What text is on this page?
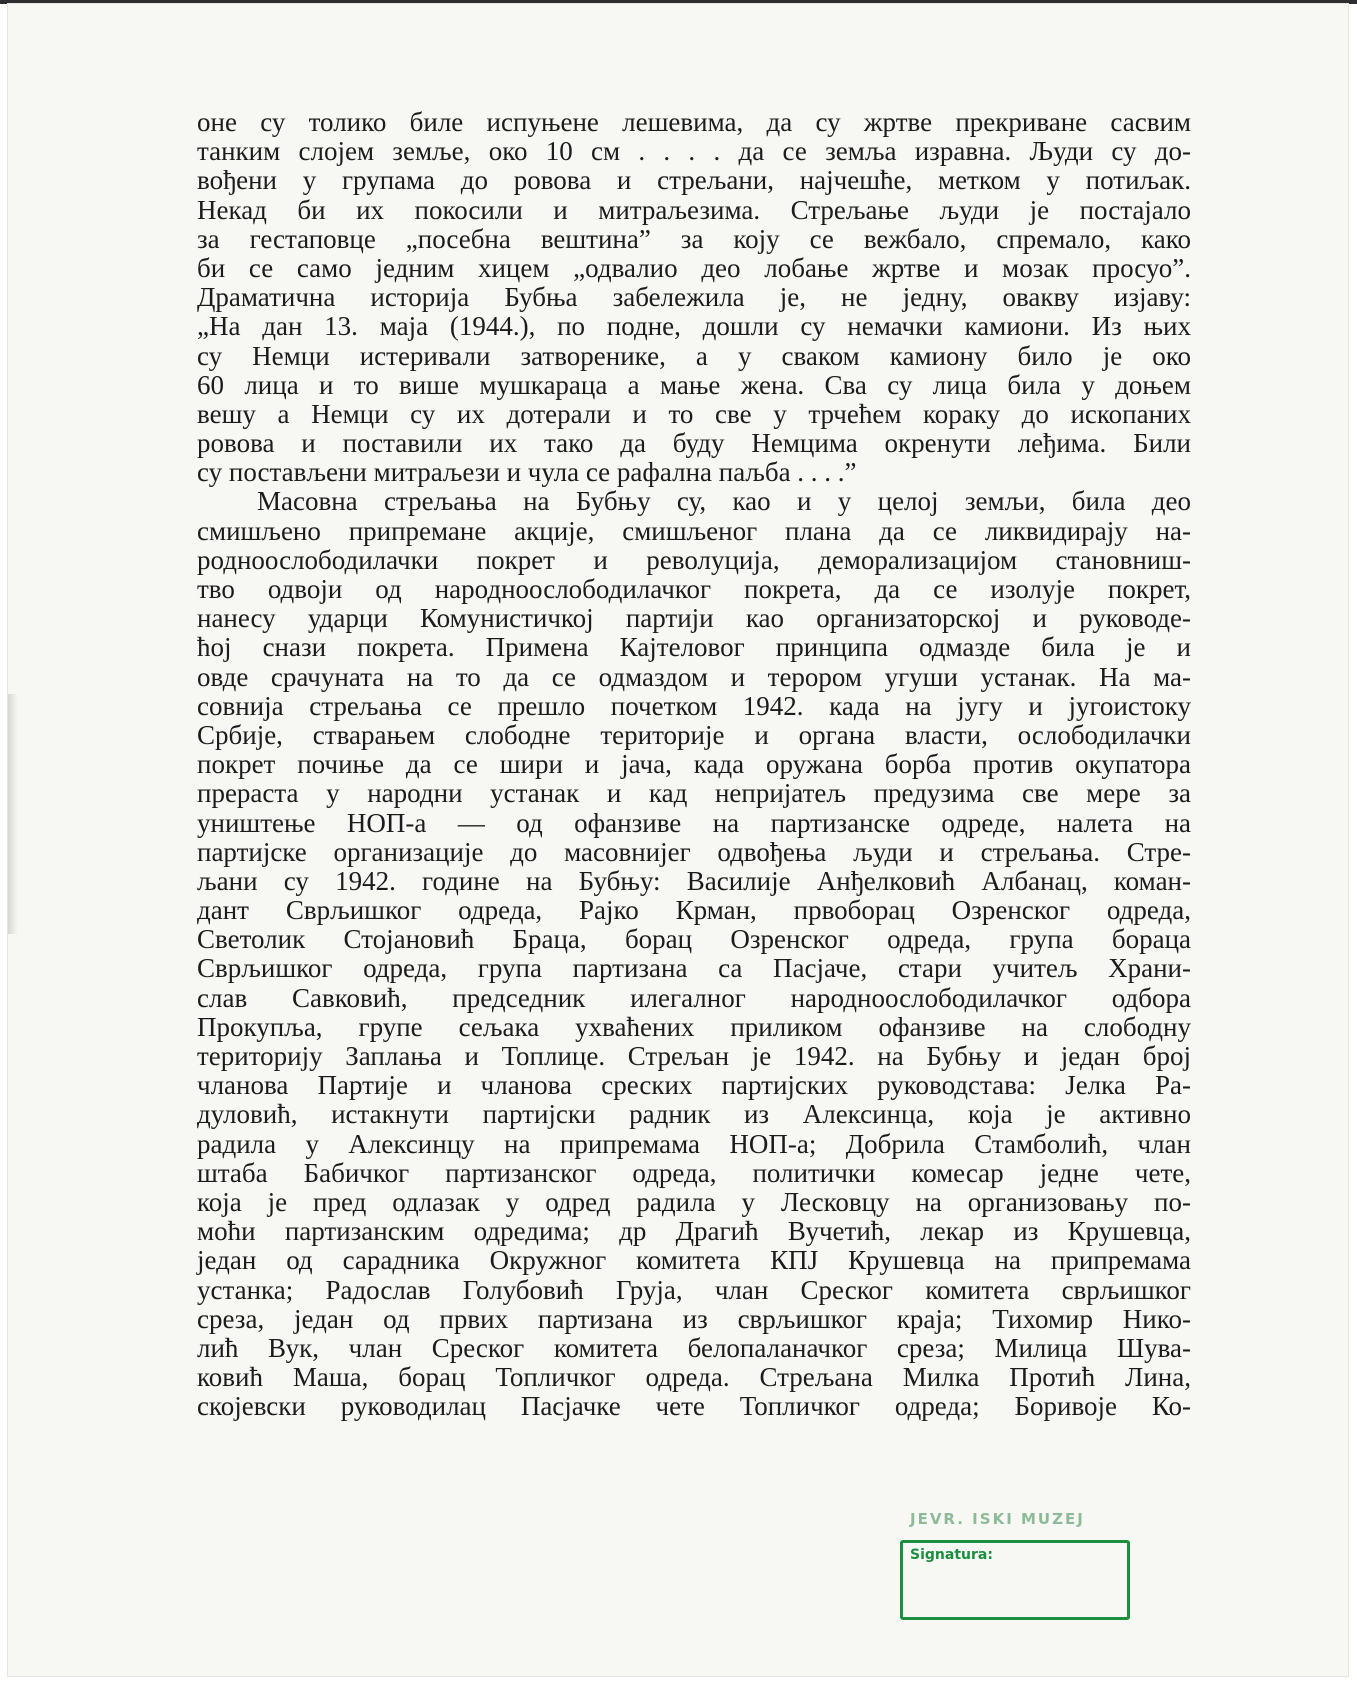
оне су толико биле испуњене лешевима, да су жртве прекриване сасвим
танким слојем земље, око 10 см . . . . да се земља изравна. Људи су до-
вођени у групама до ровова и стрељани, најчешће, метком у потиљак.
Некад би их покосили и митраљезима. Стрељање људи је постајало
за гестаповце „посебна вештина” за коју се вежбало, спремало, како
би се само једним хицем „одвалио део лобање жртве и мозак просуо”.
Драматична историја Бубња забележила је, не једну, овакву изјаву:
„На дан 13. маја (1944.), по подне, дошли су немачки камиони. Из њих
су Немци истеривали затворенике, а у сваком камиону било је око
60 лица и то више мушкараца а мање жена. Сва су лица била у доњем
вешу а Немци су их дотерали и то све у трчећем кораку до ископаних
ровова и поставили их тако да буду Немцима окренути леђима. Били
су постављени митраљези и чула се рафална паљба . . . .”
Масовна стрељања на Бубњу су, као и у целој земљи, била део
смишљено припремане акције, смишљеног плана да се ликвидирају на-
роднoослободилачки покрет и револуција, деморализацијом становниш-
тво одвоји од народноослободилачког покрета, да се изолује покрет,
нанесу ударци Комунистичкој партији као организаторској и руководе-
ћој снази покрета. Примена Кајтеловог принципа одмазде била је и
овде срачуната на то да се одмаздом и терором угуши устанак. На ма-
совнија стрељања се прешло почетком 1942. када на југу и југоистоку
Србије, стварањем слободне територије и органа власти, ослободилачки
покрет почиње да се шири и јача, када оружана борба против окупатора
прераста у народни устанак и кад непријатељ предузима све мере за
уништење НОП-а — од офанзиве на партизанске одреде, налета на
партијске организације до масовнијег одвођења људи и стрељања. Стре-
љани су 1942. године на Бубњу: Василије Анђелковић Албанац, коман-
дант Сврљишког одреда, Рајко Крман, првоборац Озренског одреда,
Светолик Стојановић Браца, борац Озренског одреда, група бораца
Сврљишког одреда, група партизана са Пасјаче, стари учитељ Храни-
слав Савковић, председник илегалног народноослободилачког одбора
Прокупља, групе сељака ухваћених приликом офанзиве на слободну
територију Заплања и Топлице. Стрељан је 1942. на Бубњу и један број
чланова Партије и чланова среских партијских руководстава: Јелка Ра-
дуловић, истакнути партијски радник из Алексинца, која је активно
радила у Алексинцу на припремама НОП-а; Добрила Стамболић, члан
штаба Бабичког партизанског одреда, политички комесар једне чете,
која је пред одлазак у одред радила у Лесковцу на организовању по-
моћи партизанским одредима; др Драгић Вучетић, лекар из Крушевца,
један од сарадника Окружног комитета КПЈ Крушевца на припремама
устанка; Радослав Голубовић Груја, члан Среског комитета сврљишког
среза, један од првих партизана из сврљишког краја; Тихомир Нико-
лић Вук, члан Среског комитета белопаланачког среза; Милица Шува-
ковић Маша, борац Топличког одреда. Стрељана Милка Протић Лина,
скојевски руководилац Пасјачке чете Топличког одреда; Боривоје Ко-
ЈЕVR. ISKI MUZEJ
Signatura:
